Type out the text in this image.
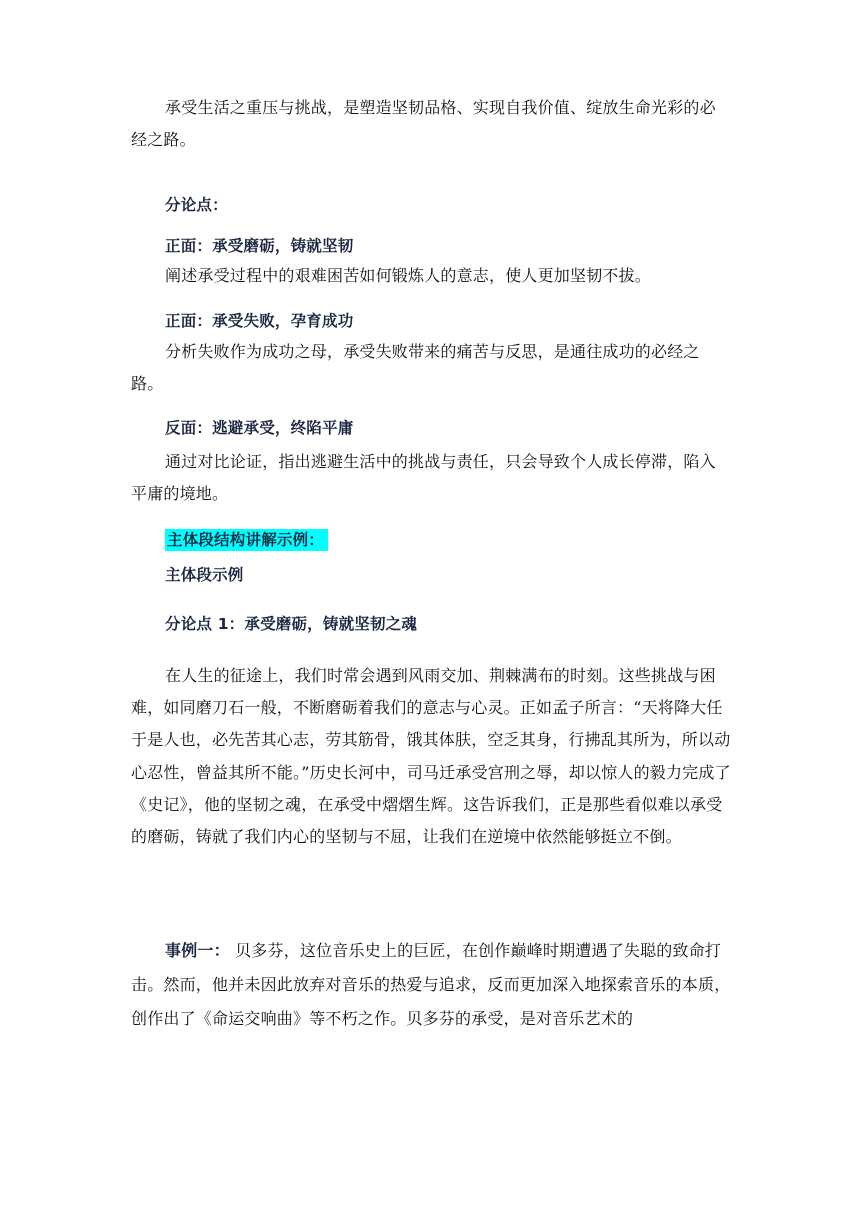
承受生活之重压与挑战，是塑造坚韧品格、实现自我价值、绽放生命光彩的必经之路。

分论点：
正面：承受磨砺，铸就坚韧

阐述承受过程中的艰难困苦如何锻炼人的意志，使人更加坚韧不拔。

正面：承受失败，孕育成功

分析失败作为成功之母，承受失败带来的痛苦与反思，是通往成功的必经之路。

反面：逃避承受，终陷平庸

通过对比论证，指出逃避生活中的挑战与责任，只会导致个人成长停滞，陷入平庸的境地。

主体段结构讲解示例：
主体段示例
分论点 1：承受磨砺，铸就坚韧之魂

在人生的征途上，我们时常会遇到风雨交加、荆棘满布的时刻。这些挑战与困难，如同磨刀石一般，不断磨砺着我们的意志与心灵。正如孟子所言：“天将降大任于是人也，必先苦其心志，劳其筋骨，饿其体肤，空乏其身，行拂乱其所为，所以动心忍性，曾益其所不能。”历史长河中，司马迁承受宫刑之辱，却以惊人的毅力完成了《史记》，他的坚韧之魂，在承受中熠熠生辉。这告诉我们，正是那些看似难以承受的磨砺，铸就了我们内心的坚韧与不屈，让我们在逆境中依然能够挺立不倒。

事例一： 贝多芬，这位音乐史上的巨匠，在创作巅峰时期遭遇了失聪的致命打击。然而，他并未因此放弃对音乐的热爱与追求，反而更加深入地探索音乐的本质，创作出了《命运交响曲》等不朽之作。贝多芬的承受，是对音乐艺术的
